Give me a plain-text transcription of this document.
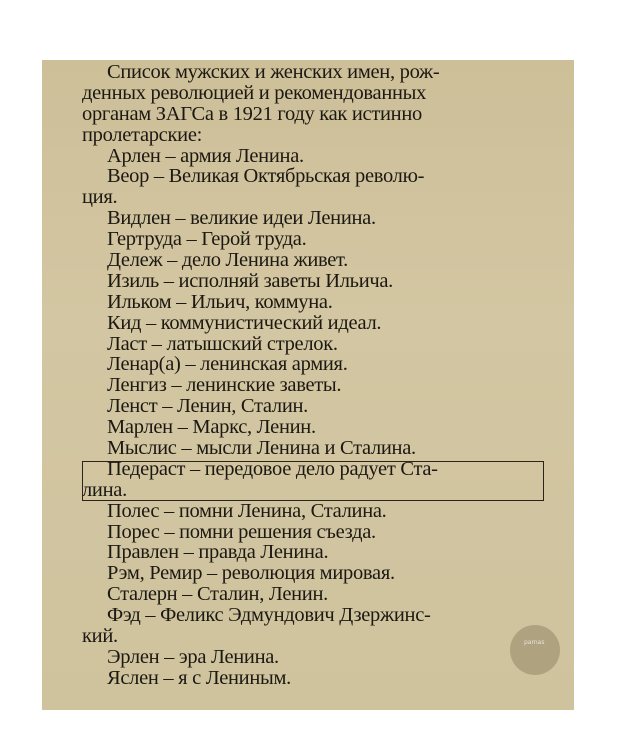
Список мужских и женских имен, рож-
денных революцией и рекомендованных
органам ЗАГСа в 1921 году как истинно
пролетарские:
Арлен – армия Ленина.
Веор – Великая Октябрьская револю-
ция.
Видлен – великие идеи Ленина.
Гертруда – Герой труда.
Дележ – дело Ленина живет.
Изиль – исполняй заветы Ильича.
Ильком – Ильич, коммуна.
Кид – коммунистический идеал.
Ласт – латышский стрелок.
Ленар(а) – ленинская армия.
Ленгиз – ленинские заветы.
Ленст – Ленин, Сталин.
Марлен – Маркс, Ленин.
Мыслис – мысли Ленина и Сталина.
Педераст – передовое дело радует Ста-
лина.
Полес – помни Ленина, Сталина.
Порес – помни решения съезда.
Правлен – правда Ленина.
Рэм, Ремир – революция мировая.
Сталерн – Сталин, Ленин.
Фэд – Феликс Эдмундович Дзержинс-
кий.
Эрлен – эра Ленина.
Яслен – я с Лениным.
parnas
